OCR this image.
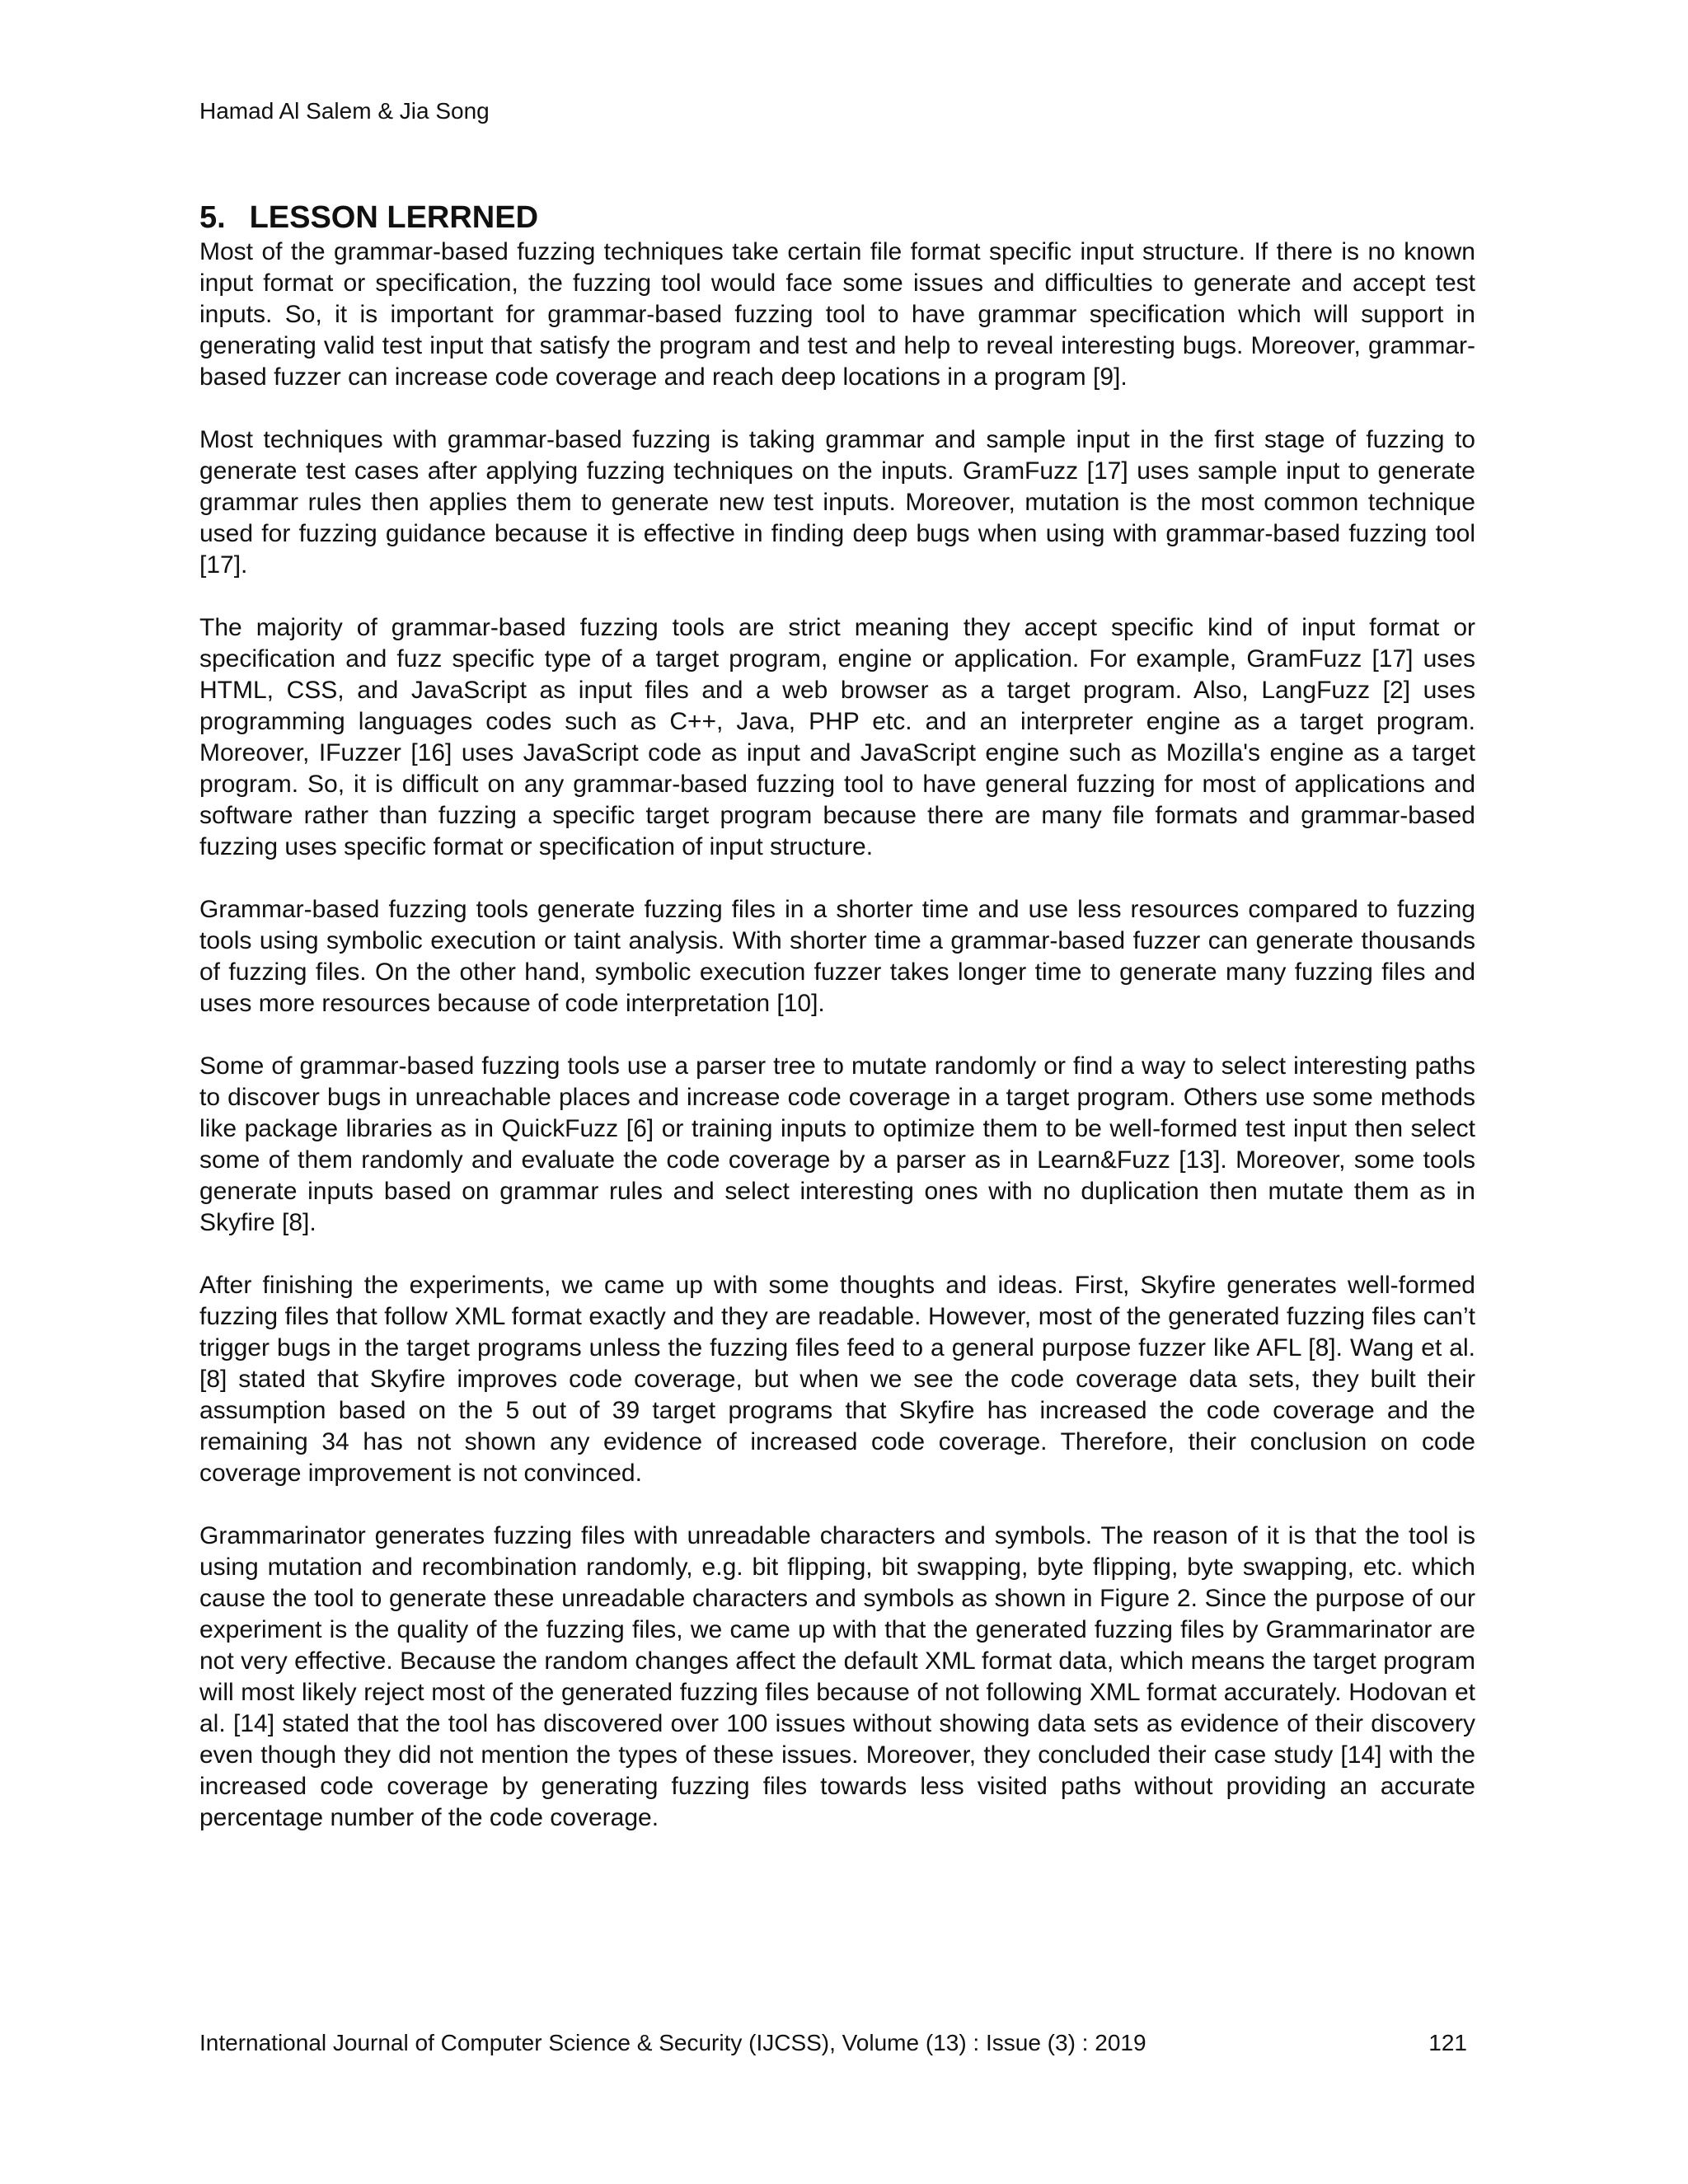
Hamad Al Salem & Jia Song
5. LESSON LERRNED

Most of the grammar-based fuzzing techniques take certain file format specific input structure. If there is no known input format or specification, the fuzzing tool would face some issues and difficulties to generate and accept test inputs. So, it is important for grammar-based fuzzing tool to have grammar specification which will support in generating valid test input that satisfy the program and test and help to reveal interesting bugs. Moreover, grammar-based fuzzer can increase code coverage and reach deep locations in a program [9].

Most techniques with grammar-based fuzzing is taking grammar and sample input in the first stage of fuzzing to generate test cases after applying fuzzing techniques on the inputs. GramFuzz [17] uses sample input to generate grammar rules then applies them to generate new test inputs. Moreover, mutation is the most common technique used for fuzzing guidance because it is effective in finding deep bugs when using with grammar-based fuzzing tool [17].

The majority of grammar-based fuzzing tools are strict meaning they accept specific kind of input format or specification and fuzz specific type of a target program, engine or application. For example, GramFuzz [17] uses HTML, CSS, and JavaScript as input files and a web browser as a target program. Also, LangFuzz [2] uses programming languages codes such as C++, Java, PHP etc. and an interpreter engine as a target program. Moreover, IFuzzer [16] uses JavaScript code as input and JavaScript engine such as Mozilla's engine as a target program. So, it is difficult on any grammar-based fuzzing tool to have general fuzzing for most of applications and software rather than fuzzing a specific target program because there are many file formats and grammar-based fuzzing uses specific format or specification of input structure.

Grammar-based fuzzing tools generate fuzzing files in a shorter time and use less resources compared to fuzzing tools using symbolic execution or taint analysis. With shorter time a grammar-based fuzzer can generate thousands of fuzzing files. On the other hand, symbolic execution fuzzer takes longer time to generate many fuzzing files and uses more resources because of code interpretation [10].

Some of grammar-based fuzzing tools use a parser tree to mutate randomly or find a way to select interesting paths to discover bugs in unreachable places and increase code coverage in a target program. Others use some methods like package libraries as in QuickFuzz [6] or training inputs to optimize them to be well-formed test input then select some of them randomly and evaluate the code coverage by a parser as in Learn&Fuzz [13]. Moreover, some tools generate inputs based on grammar rules and select interesting ones with no duplication then mutate them as in Skyfire [8].

After finishing the experiments, we came up with some thoughts and ideas. First, Skyfire generates well-formed fuzzing files that follow XML format exactly and they are readable. However, most of the generated fuzzing files can’t trigger bugs in the target programs unless the fuzzing files feed to a general purpose fuzzer like AFL [8]. Wang et al. [8] stated that Skyfire improves code coverage, but when we see the code coverage data sets, they built their assumption based on the 5 out of 39 target programs that Skyfire has increased the code coverage and the remaining 34 has not shown any evidence of increased code coverage. Therefore, their conclusion on code coverage improvement is not convinced.

Grammarinator generates fuzzing files with unreadable characters and symbols. The reason of it is that the tool is using mutation and recombination randomly, e.g. bit flipping, bit swapping, byte flipping, byte swapping, etc. which cause the tool to generate these unreadable characters and symbols as shown in Figure 2. Since the purpose of our experiment is the quality of the fuzzing files, we came up with that the generated fuzzing files by Grammarinator are not very effective. Because the random changes affect the default XML format data, which means the target program will most likely reject most of the generated fuzzing files because of not following XML format accurately. Hodovan et al. [14] stated that the tool has discovered over 100 issues without showing data sets as evidence of their discovery even though they did not mention the types of these issues. Moreover, they concluded their case study [14] with the increased code coverage by generating fuzzing files towards less visited paths without providing an accurate percentage number of the code coverage.

International Journal of Computer Science & Security (IJCSS), Volume (13) : Issue (3) : 2019	121
